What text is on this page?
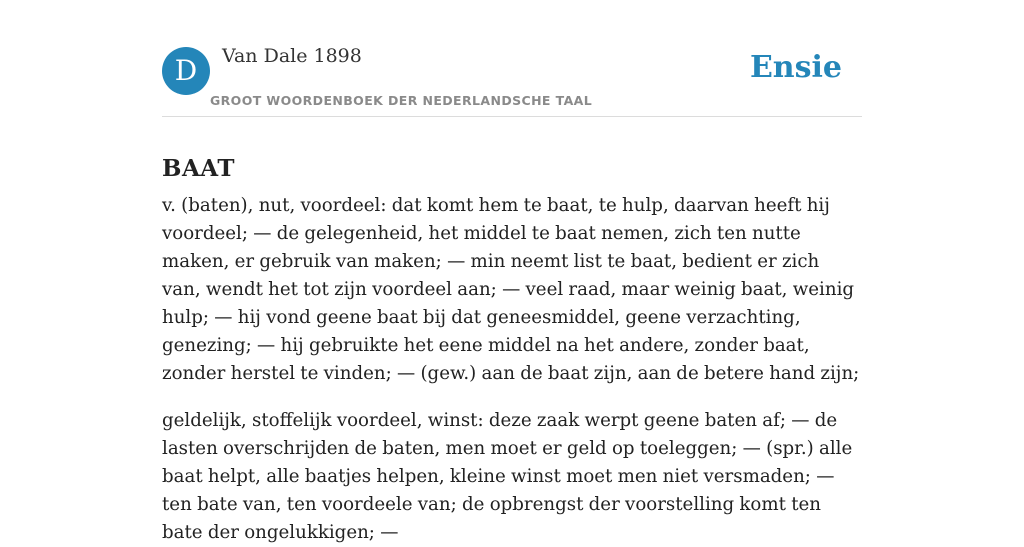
D	Van Dale 1898
GROOT WOORDENBOEK DER NEDERLANDSCHE TAAL
Ensie
BAAT

v. (baten), nut, voordeel: dat komt hem te baat, te hulp, daarvan heeft hij voordeel; — de gelegenheid, het middel te baat nemen, zich ten nutte maken, er gebruik van maken; — min neemt list te baat, bedient er zich van, wendt het tot zijn voordeel aan; — veel raad, maar weinig baat, weinig hulp; — hij vond geene baat bij dat geneesmiddel, geene verzachting, genezing; — hij gebruikte het eene middel na het andere, zonder baat, zonder herstel te vinden; — (gew.) aan de baat zijn, aan de betere hand zijn;

geldelijk, stoffelijk voordeel, winst: deze zaak werpt geene baten af; — de lasten overschrijden de baten, men moet er geld op toeleggen; — (spr.) alle baat helpt, alle baatjes helpen, kleine winst moet men niet versmaden; — ten bate van, ten voordeele van; de opbrengst der voorstelling komt ten bate der ongelukkigen; —
